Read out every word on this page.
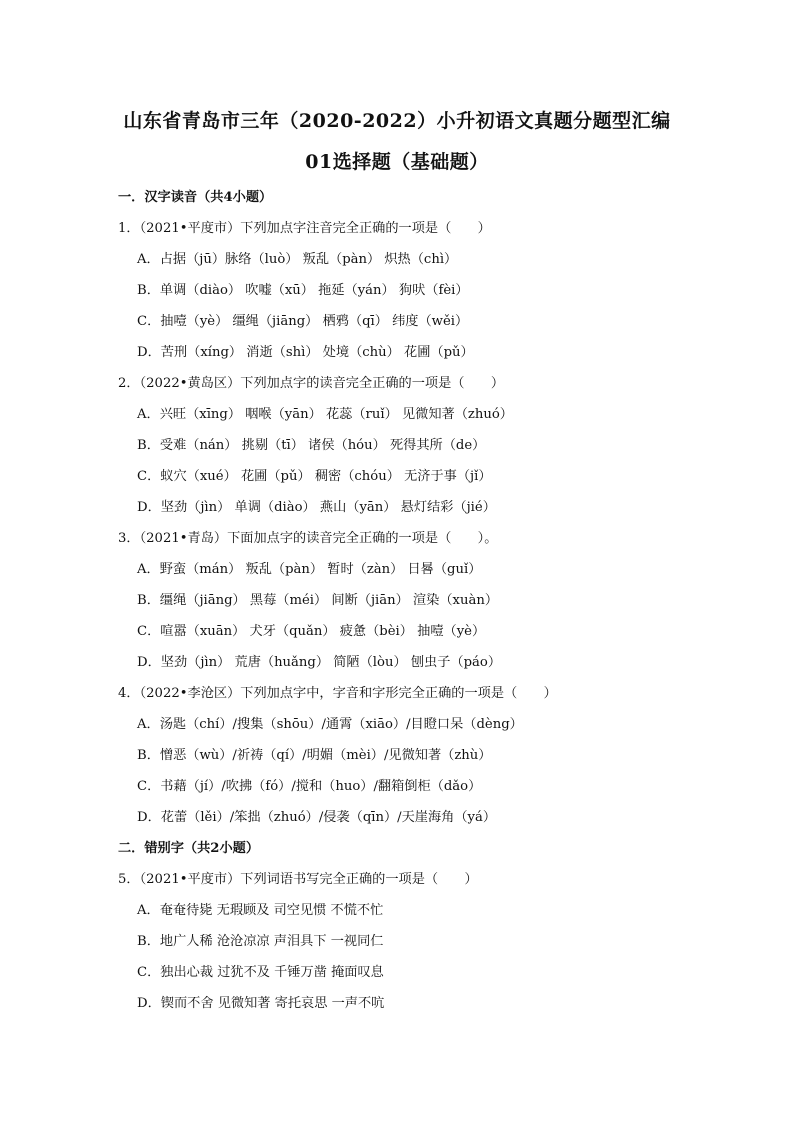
山东省青岛市三年（2020-2022）小升初语文真题分题型汇编
01选择题（基础题）
一．汉字读音（共4小题）
1．（2021•平度市）下列加点字注音完全正确的一项是（　　）
A．占据（jū）脉络（luò） 叛乱（pàn） 炽热（chì）
B．单调（diào） 吹嘘（xū） 拖延（yán） 狗吠（fèi）
C．抽噎（yè） 缰绳（jiāng） 栖鸦（qī） 纬度（wěi）
D．苦刑（xíng） 消逝（shì） 处境（chù） 花圃（pǔ）
2．（2022•黄岛区）下列加点字的读音完全正确的一项是（　　）
A．兴旺（xīng） 咽喉（yān） 花蕊（ruǐ） 见微知著（zhuó）
B．受难（nán） 挑剔（tī） 诸侯（hóu） 死得其所（de）
C．蚁穴（xué） 花圃（pǔ） 稠密（chóu） 无济于事（jǐ）
D．坚劲（jìn） 单调（diào） 燕山（yān） 悬灯结彩（jié）
3．（2021•青岛）下面加点字的读音完全正确的一项是（　　）。
A．野蛮（mán） 叛乱（pàn） 暂时（zàn） 日晷（guǐ）
B．缰绳（jiāng） 黑莓（méi） 间断（jiān） 渲染（xuàn）
C．喧嚣（xuān） 犬牙（quǎn） 疲惫（bèi） 抽噎（yè）
D．坚劲（jìn） 荒唐（huǎng） 简陋（lòu） 刨虫子（páo）
4．（2022•李沧区）下列加点字中，字音和字形完全正确的一项是（　　）
A．汤匙（chí）/搜集（shōu）/通霄（xiāo）/目瞪口呆（dèng）
B．憎恶（wù）/祈祷（qí）/明媚（mèi）/见微知著（zhù）
C．书藉（jí）/吹拂（fó）/搅和（huo）/翻箱倒柜（dǎo）
D．花蕾（lěi）/笨拙（zhuó）/侵袭（qīn）/天崖海角（yá）
二．错别字（共2小题）
5．（2021•平度市）下列词语书写完全正确的一项是（　　）
A．奄奄待毙 无瑕顾及 司空见惯 不慌不忙
B．地广人稀 沧沧凉凉 声泪具下 一视同仁
C．独出心裁 过犹不及 千锤万凿 掩面叹息
D．锲而不舍 见微知著 寄托哀思 一声不吭
